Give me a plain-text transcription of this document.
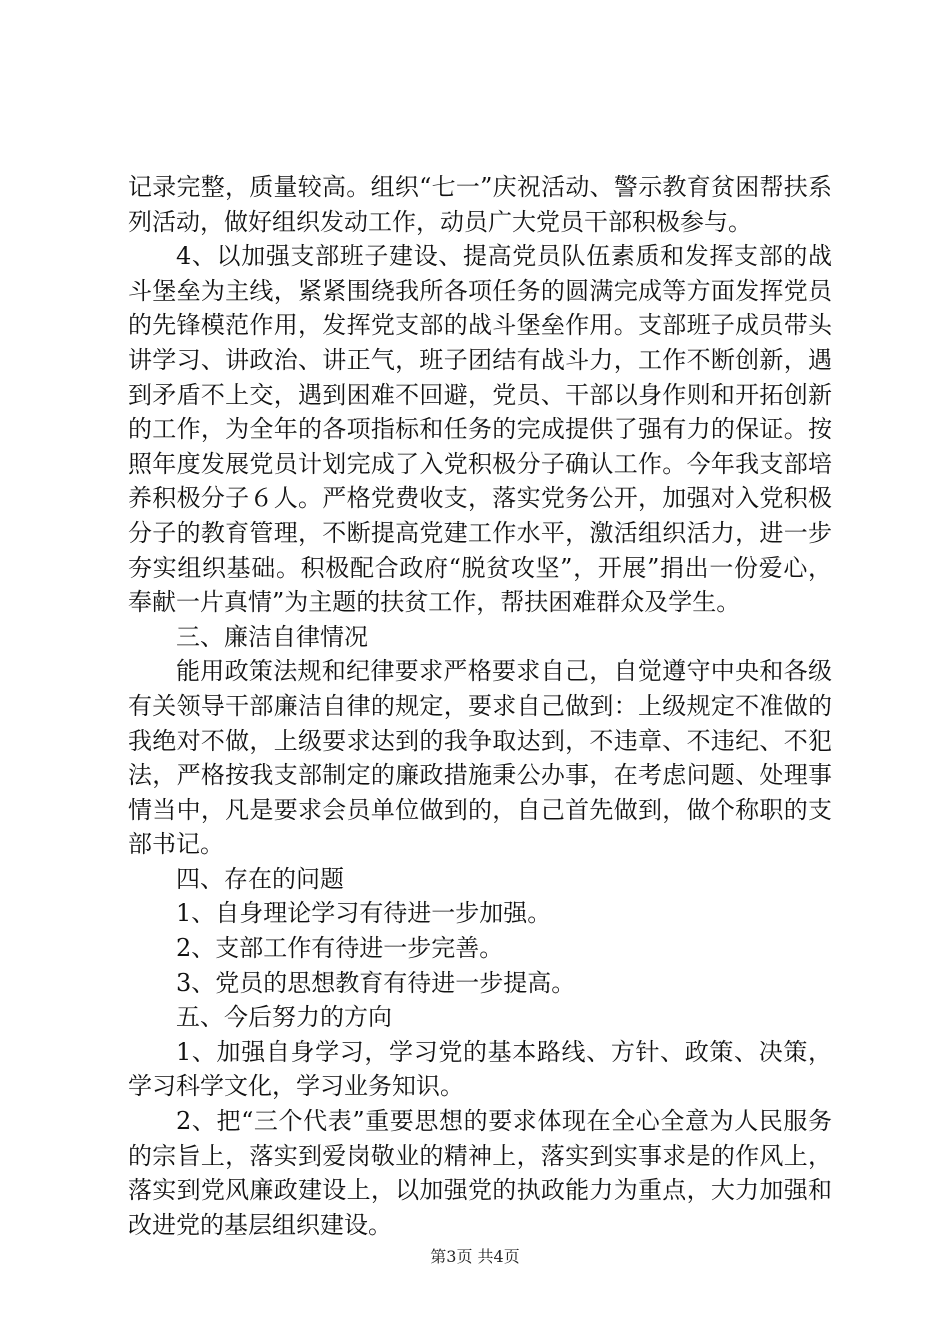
记录完整，质量较高。组织“七一”庆祝活动、警示教育贫困帮扶系列活动，做好组织发动工作，动员广大党员干部积极参与。

4、以加强支部班子建设、提高党员队伍素质和发挥支部的战斗堡垒为主线，紧紧围绕我所各项任务的圆满完成等方面发挥党员的先锋模范作用，发挥党支部的战斗堡垒作用。支部班子成员带头讲学习、讲政治、讲正气，班子团结有战斗力，工作不断创新，遇到矛盾不上交，遇到困难不回避，党员、干部以身作则和开拓创新的工作，为全年的各项指标和任务的完成提供了强有力的保证。按照年度发展党员计划完成了入党积极分子确认工作。今年我支部培养积极分子６人。严格党费收支，落实党务公开，加强对入党积极分子的教育管理，不断提高党建工作水平，激活组织活力，进一步夯实组织基础。积极配合政府“脱贫攻坚”，开展”捐出一份爱心，奉献一片真情”为主题的扶贫工作，帮扶困难群众及学生。

三、廉洁自律情况

能用政策法规和纪律要求严格要求自己，自觉遵守中央和各级有关领导干部廉洁自律的规定，要求自己做到：上级规定不准做的我绝对不做，上级要求达到的我争取达到，不违章、不违纪、不犯法，严格按我支部制定的廉政措施秉公办事，在考虑问题、处理事情当中，凡是要求会员单位做到的，自己首先做到，做个称职的支部书记。

四、存在的问题

1、自身理论学习有待进一步加强。

2、支部工作有待进一步完善。

3、党员的思想教育有待进一步提高。

五、今后努力的方向

1、加强自身学习，学习党的基本路线、方针、政策、决策，学习科学文化，学习业务知识。

2、把“三个代表”重要思想的要求体现在全心全意为人民服务的宗旨上，落实到爱岗敬业的精神上，落实到实事求是的作风上，落实到党风廉政建设上，以加强党的执政能力为重点，大力加强和改进党的基层组织建设。

第3页 共4页
